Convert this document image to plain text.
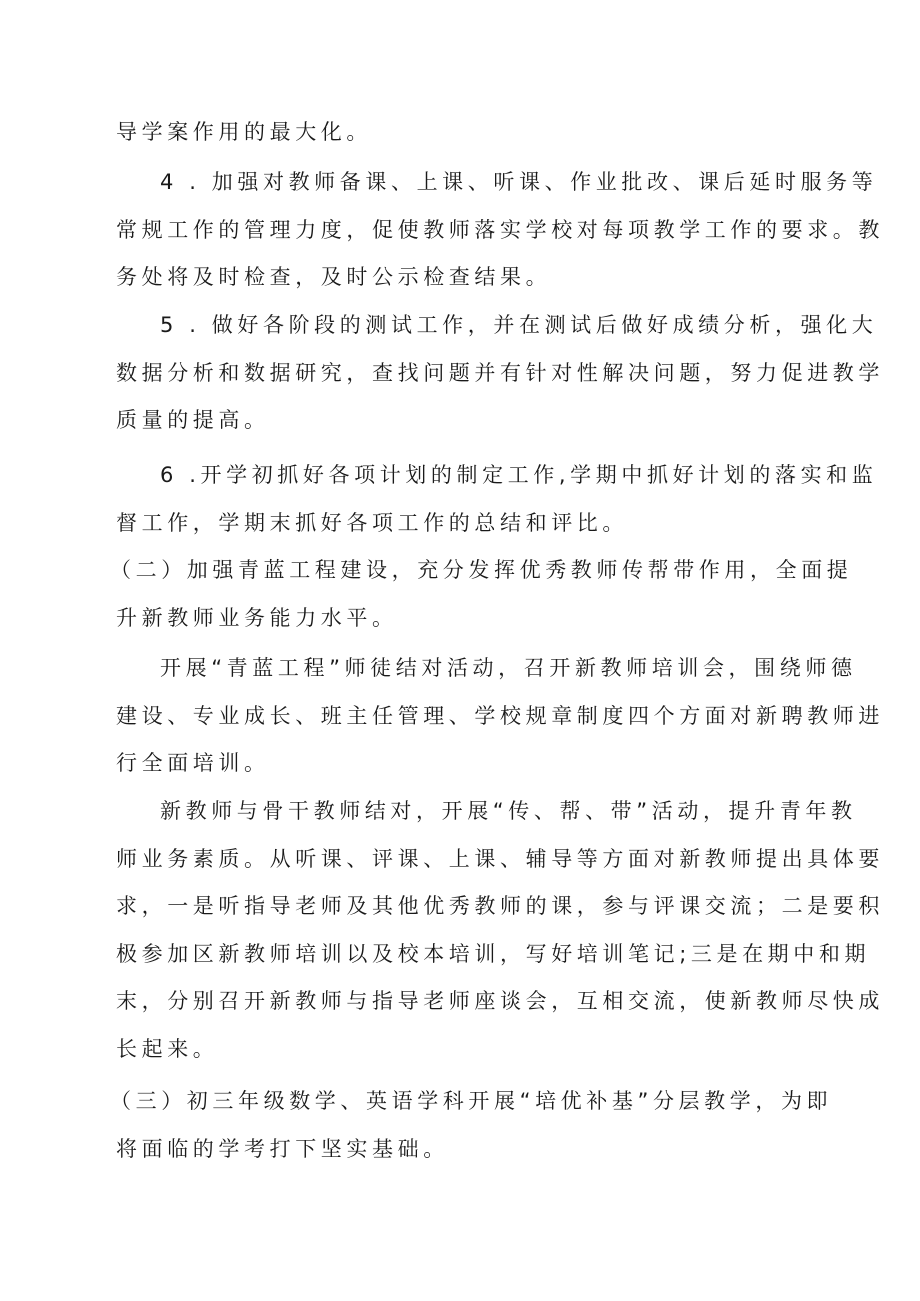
导学案作用的最大化。
4 . 加强对教师备课、上课、听课、作业批改、课后延时服务等
常规工作的管理力度，促使教师落实学校对每项教学工作的要求。教
务处将及时检查，及时公示检查结果。
5 . 做好各阶段的测试工作，并在测试后做好成绩分析，强化大
数据分析和数据研究，查找问题并有针对性解决问题，努力促进教学
质量的提高。
6 .开学初抓好各项计划的制定工作,学期中抓好计划的落实和监
督工作，学期末抓好各项工作的总结和评比。
（二）加强青蓝工程建设，充分发挥优秀教师传帮带作用，全面提
升新教师业务能力水平。
开展“青蓝工程”师徒结对活动，召开新教师培训会，围绕师德
建设、专业成长、班主任管理、学校规章制度四个方面对新聘教师进
行全面培训。
新教师与骨干教师结对，开展“传、帮、带”活动，提升青年教
师业务素质。从听课、评课、上课、辅导等方面对新教师提出具体要
求，一是听指导老师及其他优秀教师的课，参与评课交流；二是要积
极参加区新教师培训以及校本培训，写好培训笔记;三是在期中和期
末，分别召开新教师与指导老师座谈会，互相交流，使新教师尽快成
长起来。
（三）初三年级数学、英语学科开展“培优补基”分层教学，为即
将面临的学考打下坚实基础。
